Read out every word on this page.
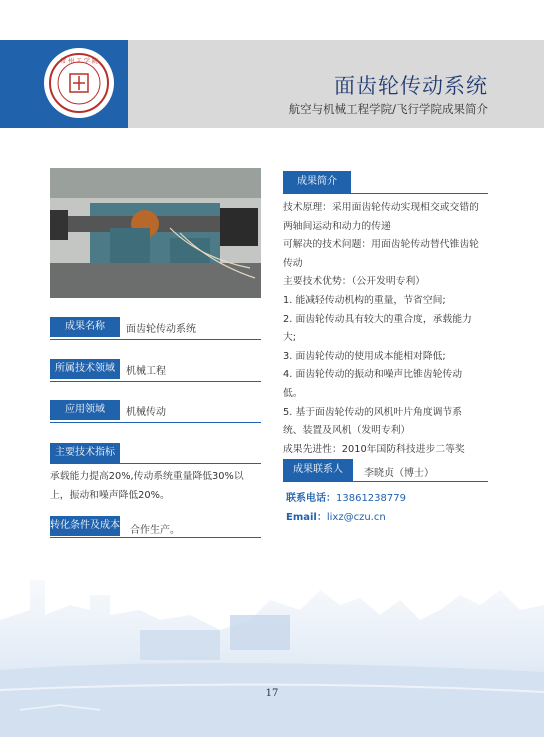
常 州 工 学 院
面齿轮传动系统
航空与机械工程学院/飞行学院成果简介
成果名称	面齿轮传动系统
所属技术领域	机械工程
应用领域	机械传动
主要技术指标
承载能力提高20%,传动系统重量降低30%以上，振动和噪声降低20%。
转化条件及成本 合作生产。
成果简介

技术原理：采用面齿轮传动实现相交或交错的

两轴间运动和动力的传递

可解决的技术问题：用面齿轮传动替代锥齿轮

传动

主要技术优势：（公开发明专利）

1. 能减轻传动机构的重量，节省空间;

2. 面齿轮传动具有较大的重合度，承载能力

大;

3. 面齿轮传动的使用成本能相对降低;

4. 面齿轮传动的振动和噪声比锥齿轮传动

低。

5. 基于面齿轮传动的风机叶片角度调节系

统、装置及风机（发明专利）

成果先进性：2010年国防科技进步二等奖

成果联系人	李晓贞（博士）
联系电话：13861238779
Email：lixz@czu.cn
17
